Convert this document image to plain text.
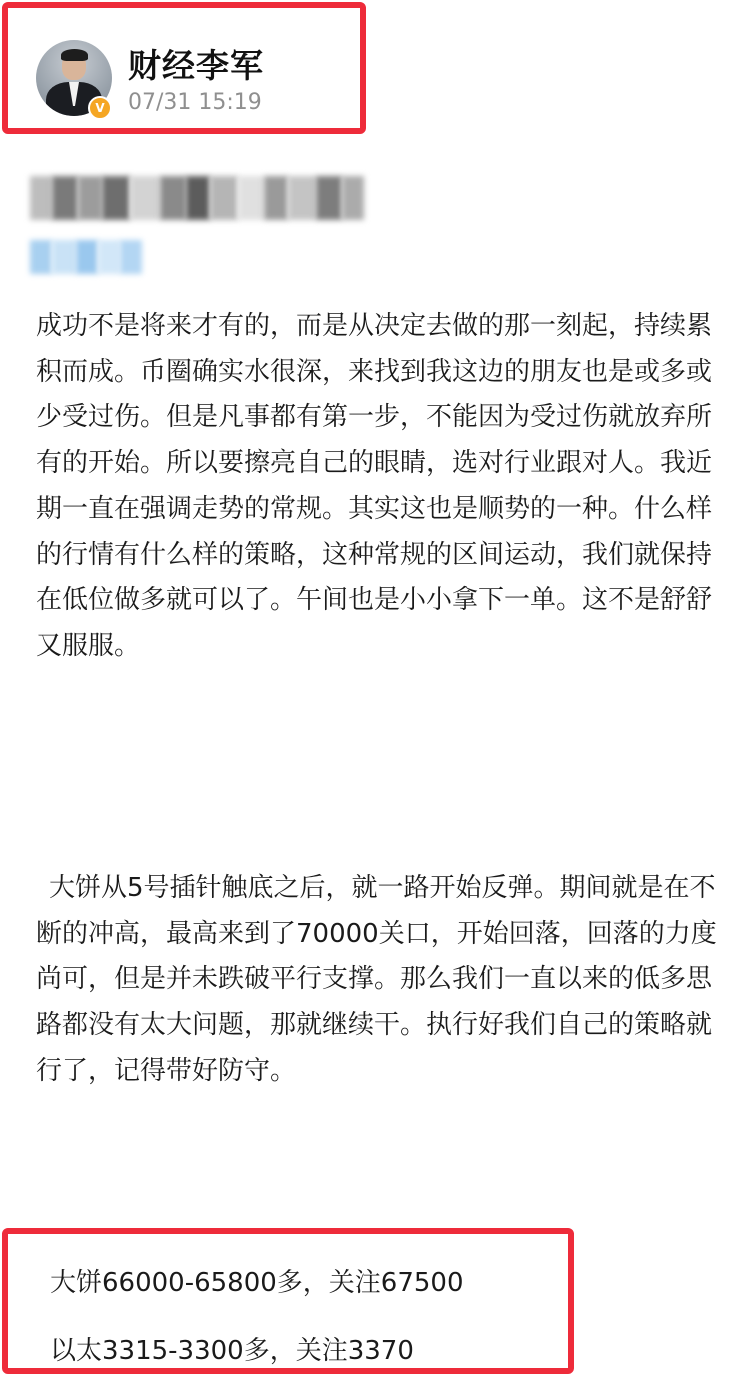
V
财经李军
07/31 15:19

成功不是将来才有的，而是从决定去做的那一刻起，持续累积而成。币圈确实水很深，来找到我这边的朋友也是或多或少受过伤。但是凡事都有第一步，不能因为受过伤就放弃所有的开始。所以要擦亮自己的眼睛，选对行业跟对人。我近期一直在强调走势的常规。其实这也是顺势的一种。什么样的行情有什么样的策略，这种常规的区间运动，我们就保持在低位做多就可以了。午间也是小小拿下一单。这不是舒舒又服服。

大饼从5号插针触底之后，就一路开始反弹。期间就是在不断的冲高，最高来到了70000关口，开始回落，回落的力度尚可，但是并未跌破平行支撑。那么我们一直以来的低多思路都没有太大问题，那就继续干。执行好我们自己的策略就行了，记得带好防守。

大饼66000-65800多，关注67500
以太3315-3300多，关注3370
